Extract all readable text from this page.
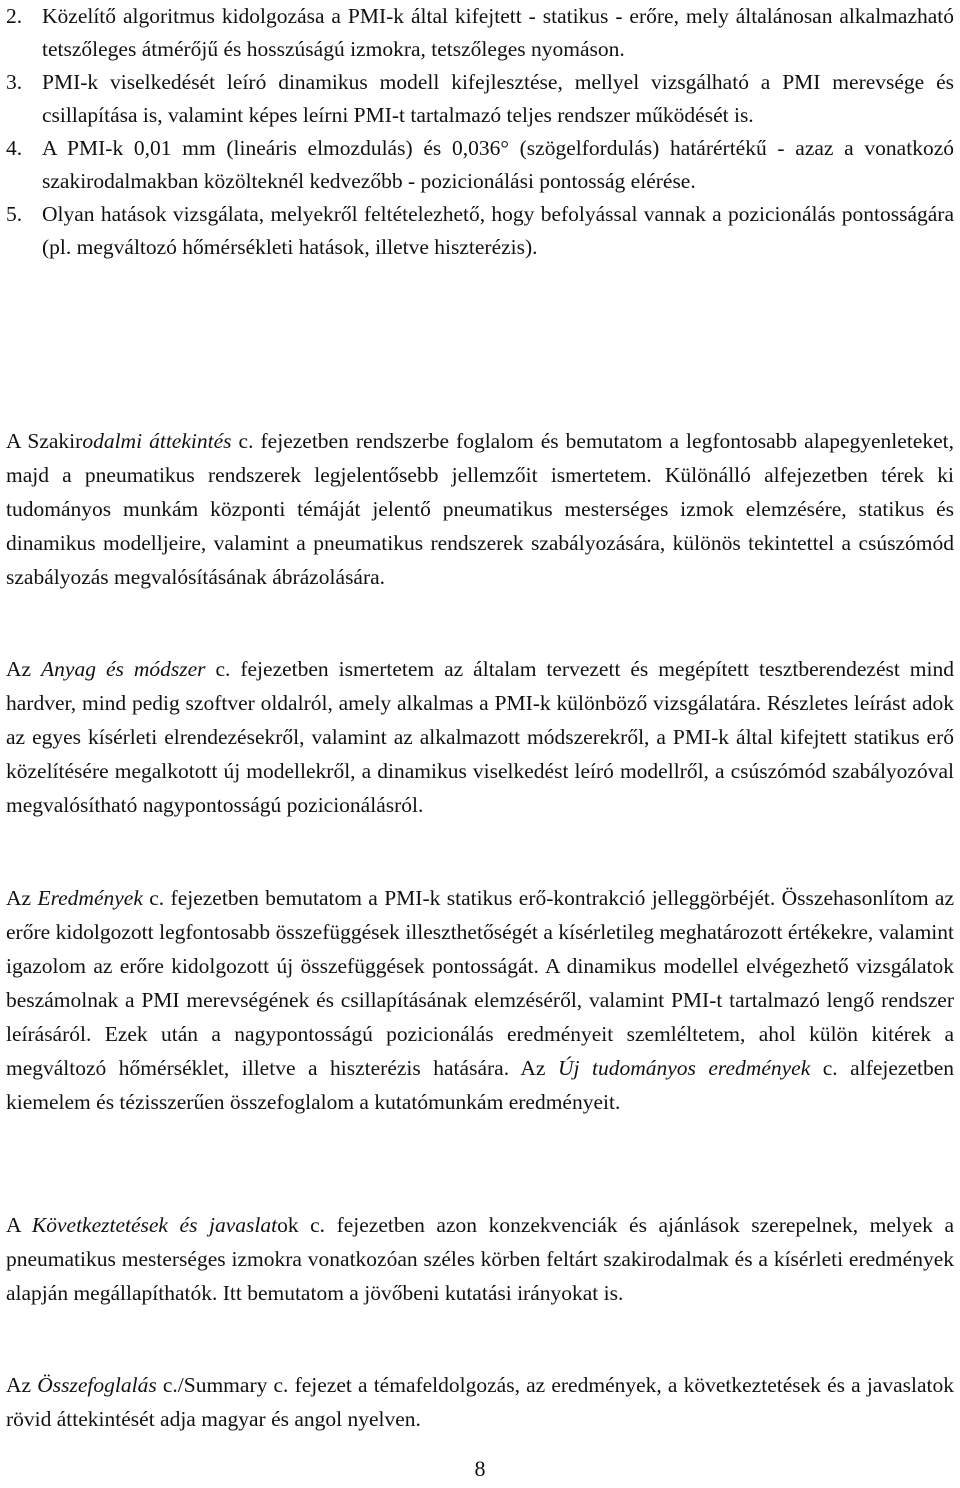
2. Közelítő algoritmus kidolgozása a PMI-k által kifejtett - statikus - erőre, mely általánosan alkalmazható tetszőleges átmérőjű és hosszúságú izmokra, tetszőleges nyomáson.
3. PMI-k viselkedését leíró dinamikus modell kifejlesztése, mellyel vizsgálható a PMI merevsége és csillapítása is, valamint képes leírni PMI-t tartalmazó teljes rendszer működését is.
4. A PMI-k 0,01 mm (lineáris elmozdulás) és 0,036° (szögelfordulás) határértékű - azaz a vonatkozó szakirodalmakban közölteknél kedvezőbb - pozicionálási pontosság elérése.
5. Olyan hatások vizsgálata, melyekről feltételezhető, hogy befolyással vannak a pozicionálás pontosságára (pl. megváltozó hőmérsékleti hatások, illetve hiszterézis).

A Szakirodalmi áttekintés c. fejezetben rendszerbe foglalom és bemutatom a legfontosabb alapegyenleteket, majd a pneumatikus rendszerek legjelentősebb jellemzőit ismertetem. Különálló alfejezetben térek ki tudományos munkám központi témáját jelentő pneumatikus mesterséges izmok elemzésére, statikus és dinamikus modelljeire, valamint a pneumatikus rendszerek szabályozására, különös tekintettel a csúszómód szabályozás megvalósításának ábrázolására.

Az Anyag és módszer c. fejezetben ismertetem az általam tervezett és megépített tesztberendezést mind hardver, mind pedig szoftver oldalról, amely alkalmas a PMI-k különböző vizsgálatára. Részletes leírást adok az egyes kísérleti elrendezésekről, valamint az alkalmazott módszerekről, a PMI-k által kifejtett statikus erő közelítésére megalkotott új modellekről, a dinamikus viselkedést leíró modellről, a csúszómód szabályozóval megvalósítható nagypontosságú pozicionálásról.

Az Eredmények c. fejezetben bemutatom a PMI-k statikus erő-kontrakció jelleggörbéjét. Összehasonlítom az erőre kidolgozott legfontosabb összefüggések illeszthetőségét a kísérletileg meghatározott értékekre, valamint igazolom az erőre kidolgozott új összefüggések pontosságát. A dinamikus modellel elvégezhető vizsgálatok beszámolnak a PMI merevségének és csillapításának elemzéséről, valamint PMI-t tartalmazó lengő rendszer leírásáról. Ezek után a nagypontosságú pozicionálás eredményeit szemléltetem, ahol külön kitérek a megváltozó hőmérséklet, illetve a hiszterézis hatására. Az Új tudományos eredmények c. alfejezetben kiemelem és tézisszerűen összefoglalom a kutatómunkám eredményeit.

A Következtetések és javaslatok c. fejezetben azon konzekvenciák és ajánlások szerepelnek, melyek a pneumatikus mesterséges izmokra vonatkozóan széles körben feltárt szakirodalmak és a kísérleti eredmények alapján megállapíthatók. Itt bemutatom a jövőbeni kutatási irányokat is.

Az Összefoglalás c./Summary c. fejezet a témafeldolgozás, az eredmények, a következtetések és a javaslatok rövid áttekintését adja magyar és angol nyelven.

8
